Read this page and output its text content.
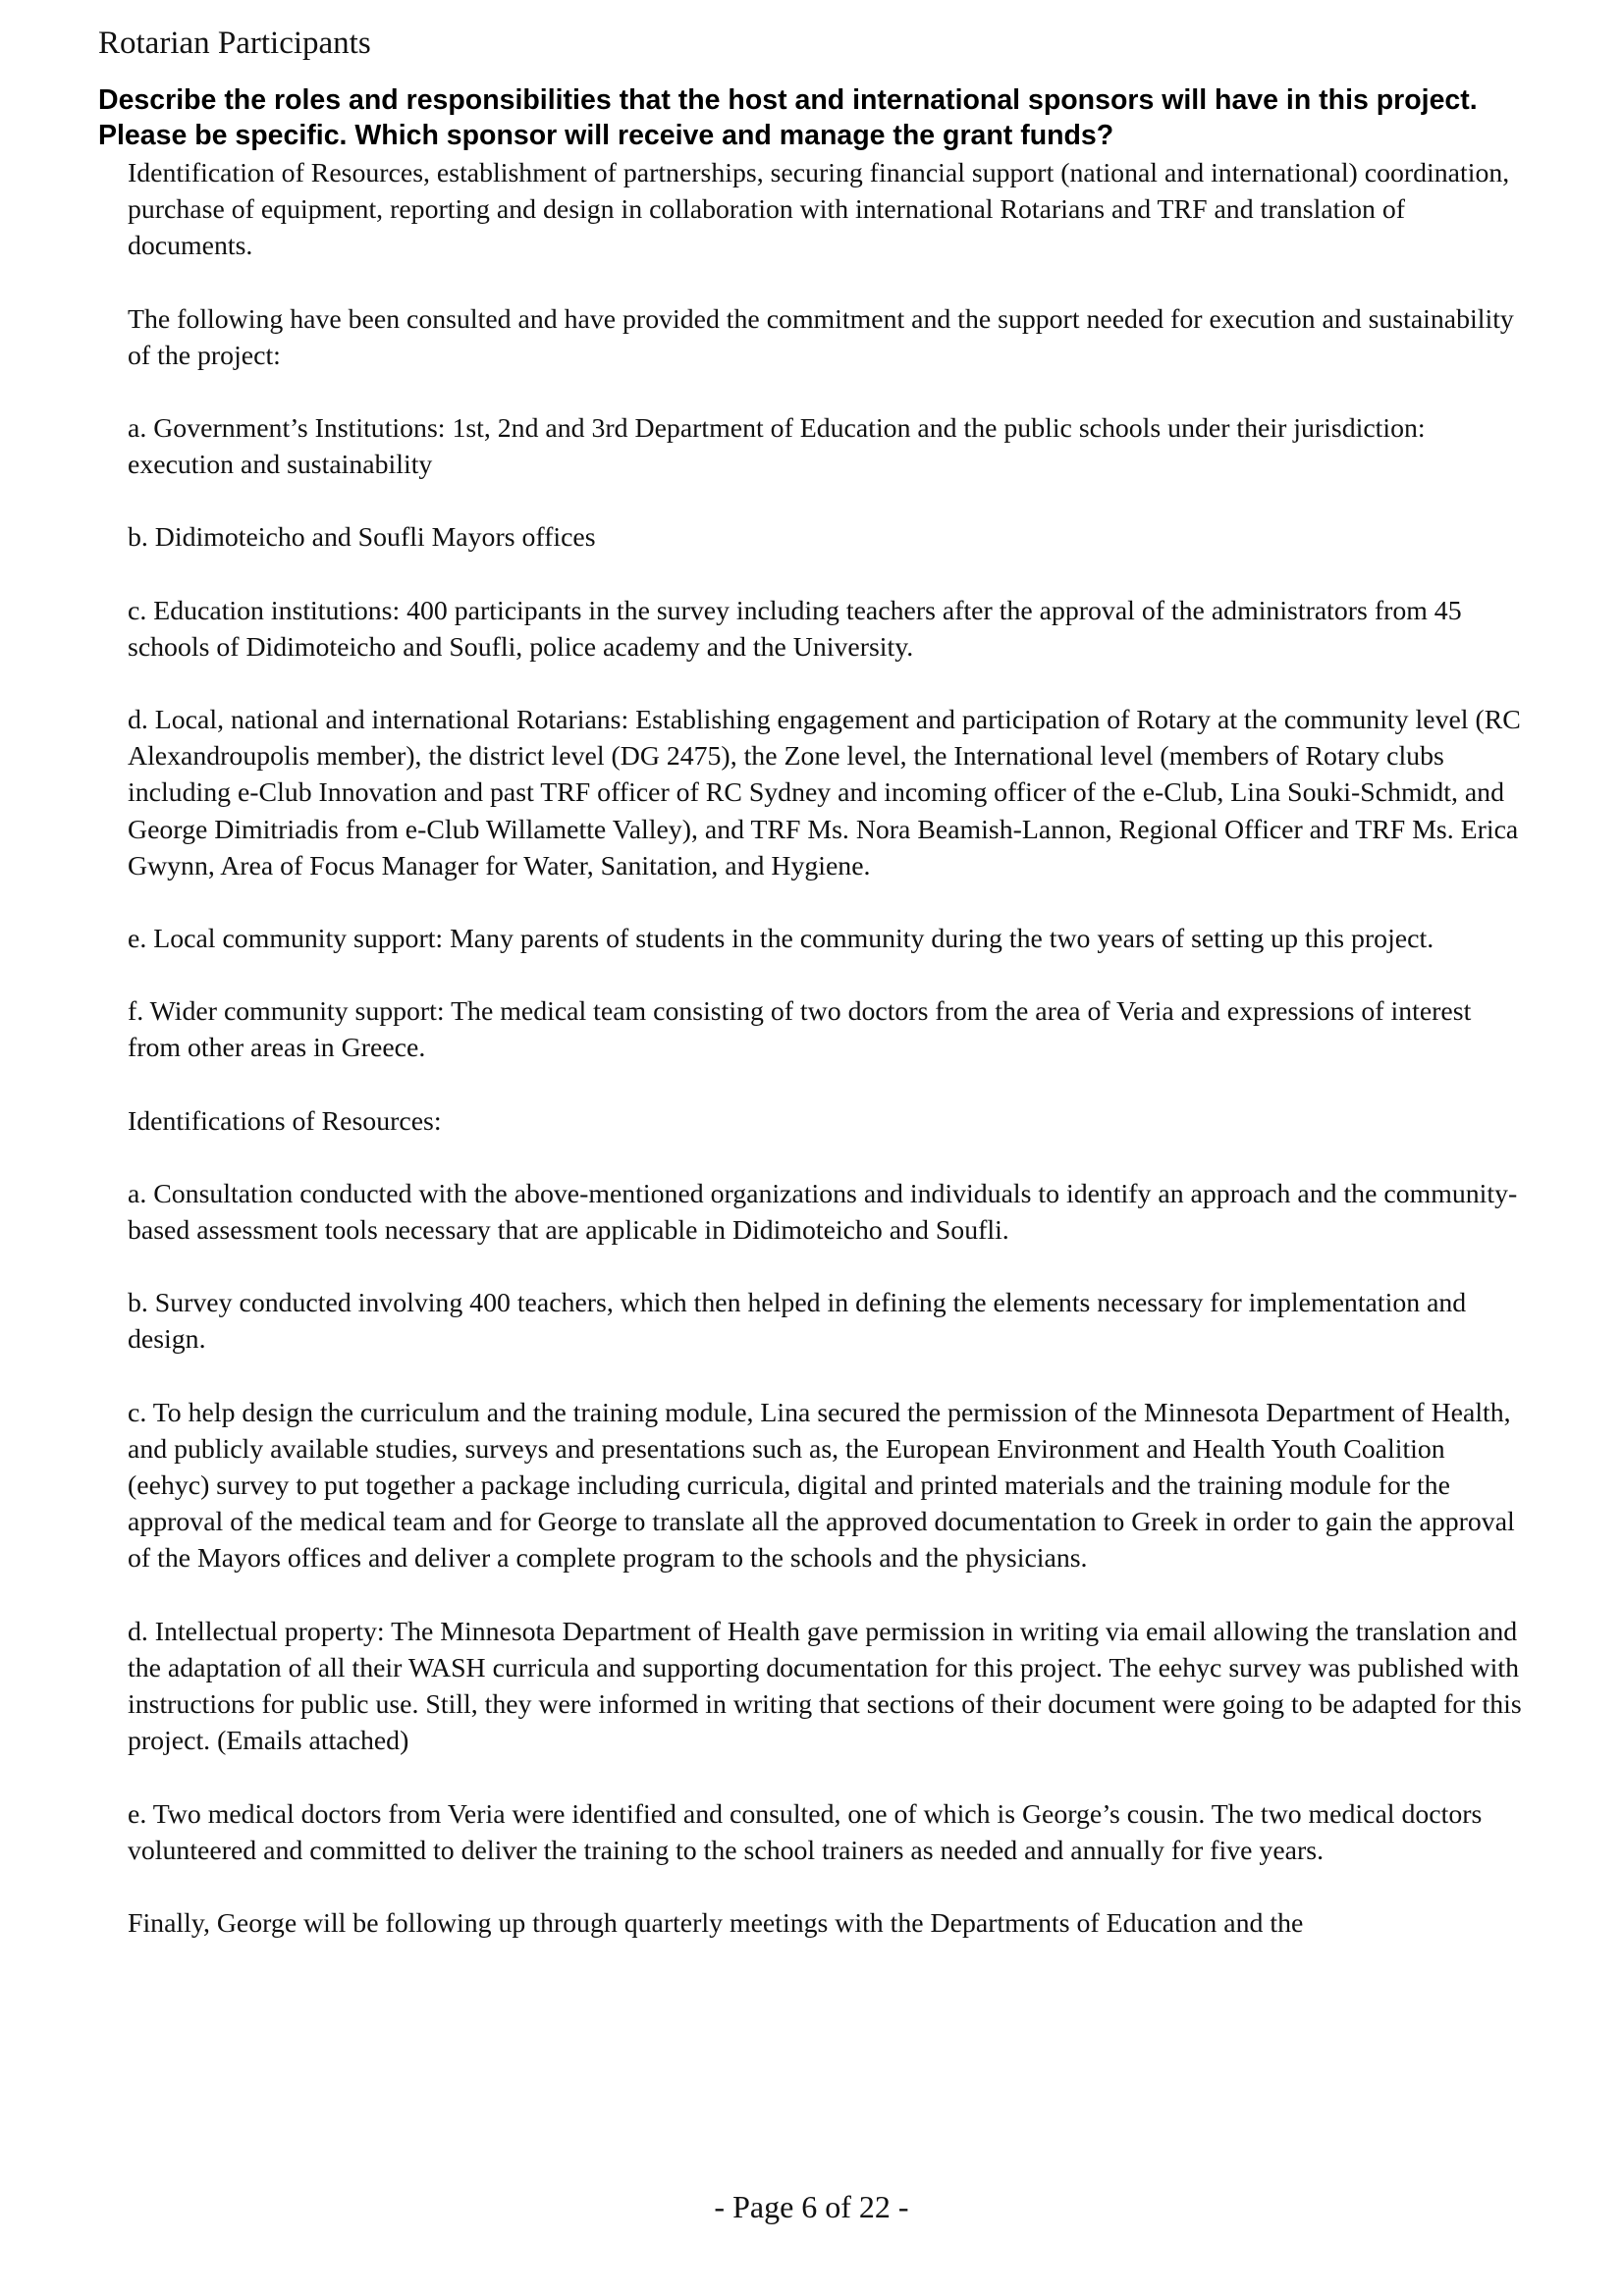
Rotarian Participants
Describe the roles and responsibilities that the host and international sponsors will have in this project. Please be specific. Which sponsor will receive and manage the grant funds?

Identification of Resources, establishment of partnerships, securing financial support (national and international) coordination, purchase of equipment, reporting and design in collaboration with international Rotarians and TRF and translation of documents.

The following have been consulted and have provided the commitment and the support needed for execution and sustainability of the project:

a. Government’s Institutions: 1st, 2nd and 3rd Department of Education and the public schools under their jurisdiction: execution and sustainability

b. Didimoteicho and Soufli Mayors offices

c. Education institutions: 400 participants in the survey including teachers after the approval of the administrators from 45 schools of Didimoteicho and Soufli, police academy and the University.

d. Local, national and international Rotarians: Establishing engagement and participation of Rotary at the community level (RC Alexandroupolis member), the district level (DG 2475), the Zone level, the International level (members of Rotary clubs including e-Club Innovation and past TRF officer of RC Sydney and incoming officer of the e-Club, Lina Souki-Schmidt, and George Dimitriadis from e-Club Willamette Valley), and TRF Ms. Nora Beamish-Lannon, Regional Officer and TRF Ms. Erica Gwynn, Area of Focus Manager for Water, Sanitation, and Hygiene.

e. Local community support: Many parents of students in the community during the two years of setting up this project.

f. Wider community support: The medical team consisting of two doctors from the area of Veria and expressions of interest from other areas in Greece.

Identifications of Resources:

a. Consultation conducted with the above-mentioned organizations and individuals to identify an approach and the community-based assessment tools necessary that are applicable in Didimoteicho and Soufli.

b. Survey conducted involving 400 teachers, which then helped in defining the elements necessary for implementation and design.

c. To help design the curriculum and the training module, Lina secured the permission of the Minnesota Department of Health, and publicly available studies, surveys and presentations such as, the European Environment and Health Youth Coalition (eehyc) survey to put together a package including curricula, digital and printed materials and the training module for the approval of the medical team and for George to translate all the approved documentation to Greek in order to gain the approval of the Mayors offices and deliver a complete program to the schools and the physicians.

d. Intellectual property: The Minnesota Department of Health gave permission in writing via email allowing the translation and the adaptation of all their WASH curricula and supporting documentation for this project. The eehyc survey was published with instructions for public use. Still, they were informed in writing that sections of their document were going to be adapted for this project. (Emails attached)

e. Two medical doctors from Veria were identified and consulted, one of which is George’s cousin. The two medical doctors volunteered and committed to deliver the training to the school trainers as needed and annually for five years.

Finally, George will be following up through quarterly meetings with the Departments of Education and the

- Page 6 of 22 -
